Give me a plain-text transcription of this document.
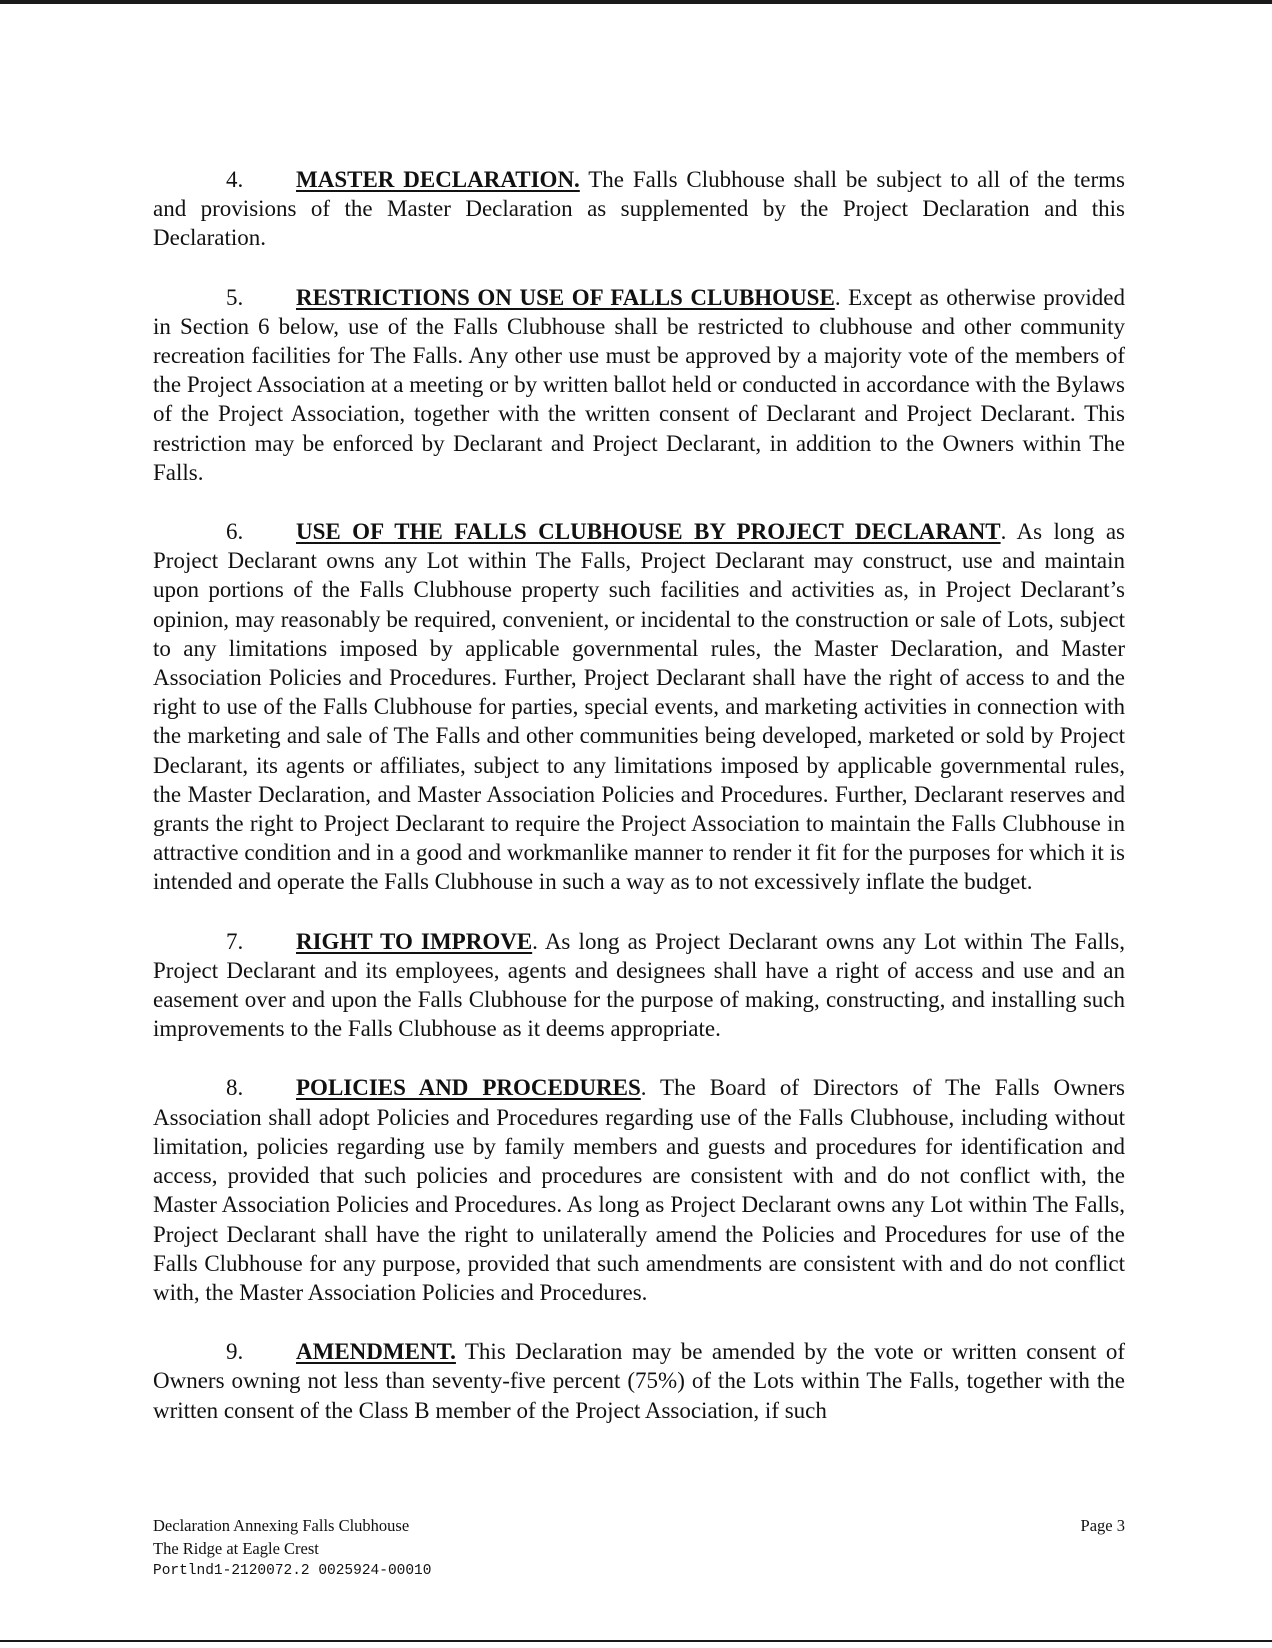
4. MASTER DECLARATION. The Falls Clubhouse shall be subject to all of the terms and provisions of the Master Declaration as supplemented by the Project Declaration and this Declaration.

5. RESTRICTIONS ON USE OF FALLS CLUBHOUSE. Except as otherwise provided in Section 6 below, use of the Falls Clubhouse shall be restricted to clubhouse and other community recreation facilities for The Falls. Any other use must be approved by a majority vote of the members of the Project Association at a meeting or by written ballot held or conducted in accordance with the Bylaws of the Project Association, together with the written consent of Declarant and Project Declarant. This restriction may be enforced by Declarant and Project Declarant, in addition to the Owners within The Falls.

6. USE OF THE FALLS CLUBHOUSE BY PROJECT DECLARANT. As long as Project Declarant owns any Lot within The Falls, Project Declarant may construct, use and maintain upon portions of the Falls Clubhouse property such facilities and activities as, in Project Declarant’s opinion, may reasonably be required, convenient, or incidental to the construction or sale of Lots, subject to any limitations imposed by applicable governmental rules, the Master Declaration, and Master Association Policies and Procedures. Further, Project Declarant shall have the right of access to and the right to use of the Falls Clubhouse for parties, special events, and marketing activities in connection with the marketing and sale of The Falls and other communities being developed, marketed or sold by Project Declarant, its agents or affiliates, subject to any limitations imposed by applicable governmental rules, the Master Declaration, and Master Association Policies and Procedures. Further, Declarant reserves and grants the right to Project Declarant to require the Project Association to maintain the Falls Clubhouse in attractive condition and in a good and workmanlike manner to render it fit for the purposes for which it is intended and operate the Falls Clubhouse in such a way as to not excessively inflate the budget.

7. RIGHT TO IMPROVE. As long as Project Declarant owns any Lot within The Falls, Project Declarant and its employees, agents and designees shall have a right of access and use and an easement over and upon the Falls Clubhouse for the purpose of making, constructing, and installing such improvements to the Falls Clubhouse as it deems appropriate.

8. POLICIES AND PROCEDURES. The Board of Directors of The Falls Owners Association shall adopt Policies and Procedures regarding use of the Falls Clubhouse, including without limitation, policies regarding use by family members and guests and procedures for identification and access, provided that such policies and procedures are consistent with and do not conflict with, the Master Association Policies and Procedures. As long as Project Declarant owns any Lot within The Falls, Project Declarant shall have the right to unilaterally amend the Policies and Procedures for use of the Falls Clubhouse for any purpose, provided that such amendments are consistent with and do not conflict with, the Master Association Policies and Procedures.

9. AMENDMENT. This Declaration may be amended by the vote or written consent of Owners owning not less than seventy-five percent (75%) of the Lots within The Falls, together with the written consent of the Class B member of the Project Association, if such

Declaration Annexing Falls Clubhouse
The Ridge at Eagle Crest
Portlnd1-2120072.2 0025924-00010
Page 3
